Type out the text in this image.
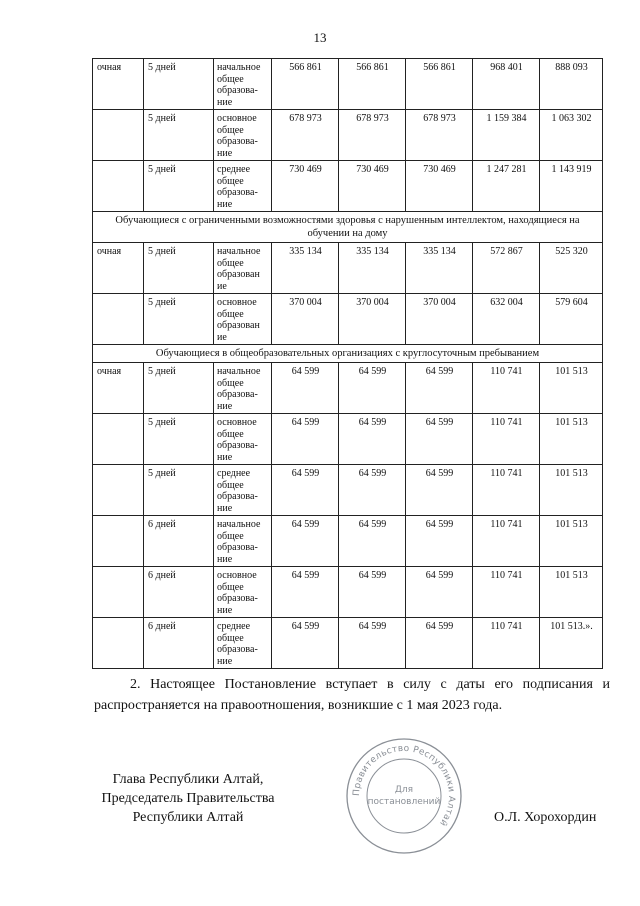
13
очная	5 дней	начальное
общее
образова-
ние	566 861	566 861	566 861	968 401	888 093
	5 дней	основное
общее
образова-
ние	678 973	678 973	678 973	1 159 384	1 063 302
	5 дней	среднее
общее
образова-
ние	730 469	730 469	730 469	1 247 281	1 143 919
Обучающиеся с ограниченными возможностями здоровья с нарушенным интеллектом, находящиеся на обучении на дому							
очная	5 дней	начальное
общее
образован
ие	335 134	335 134	335 134	572 867	525 320
	5 дней	основное
общее
образован
ие	370 004	370 004	370 004	632 004	579 604
Обучающиеся в общеобразовательных организациях с круглосуточным пребыванием							
очная	5 дней	начальное
общее
образова-
ние	64 599	64 599	64 599	110 741	101 513
	5 дней	основное
общее
образова-
ние	64 599	64 599	64 599	110 741	101 513
	5 дней	среднее
общее
образова-
ние	64 599	64 599	64 599	110 741	101 513
	6 дней	начальное
общее
образова-
ние	64 599	64 599	64 599	110 741	101 513
	6 дней	основное
общее
образова-
ние	64 599	64 599	64 599	110 741	101 513
	6 дней	среднее
общее
образова-
ние	64 599	64 599	64 599	110 741	101 513.».
2. Настоящее Постановление вступает в силу с даты его подписания и распространяется на правоотношения, возникшие с 1 мая 2023 года.
Глава Республики Алтай,
Председатель Правительства
Республики Алтай
Правительство Республики Алтай
Для
постановлений
О.Л. Хорохордин
